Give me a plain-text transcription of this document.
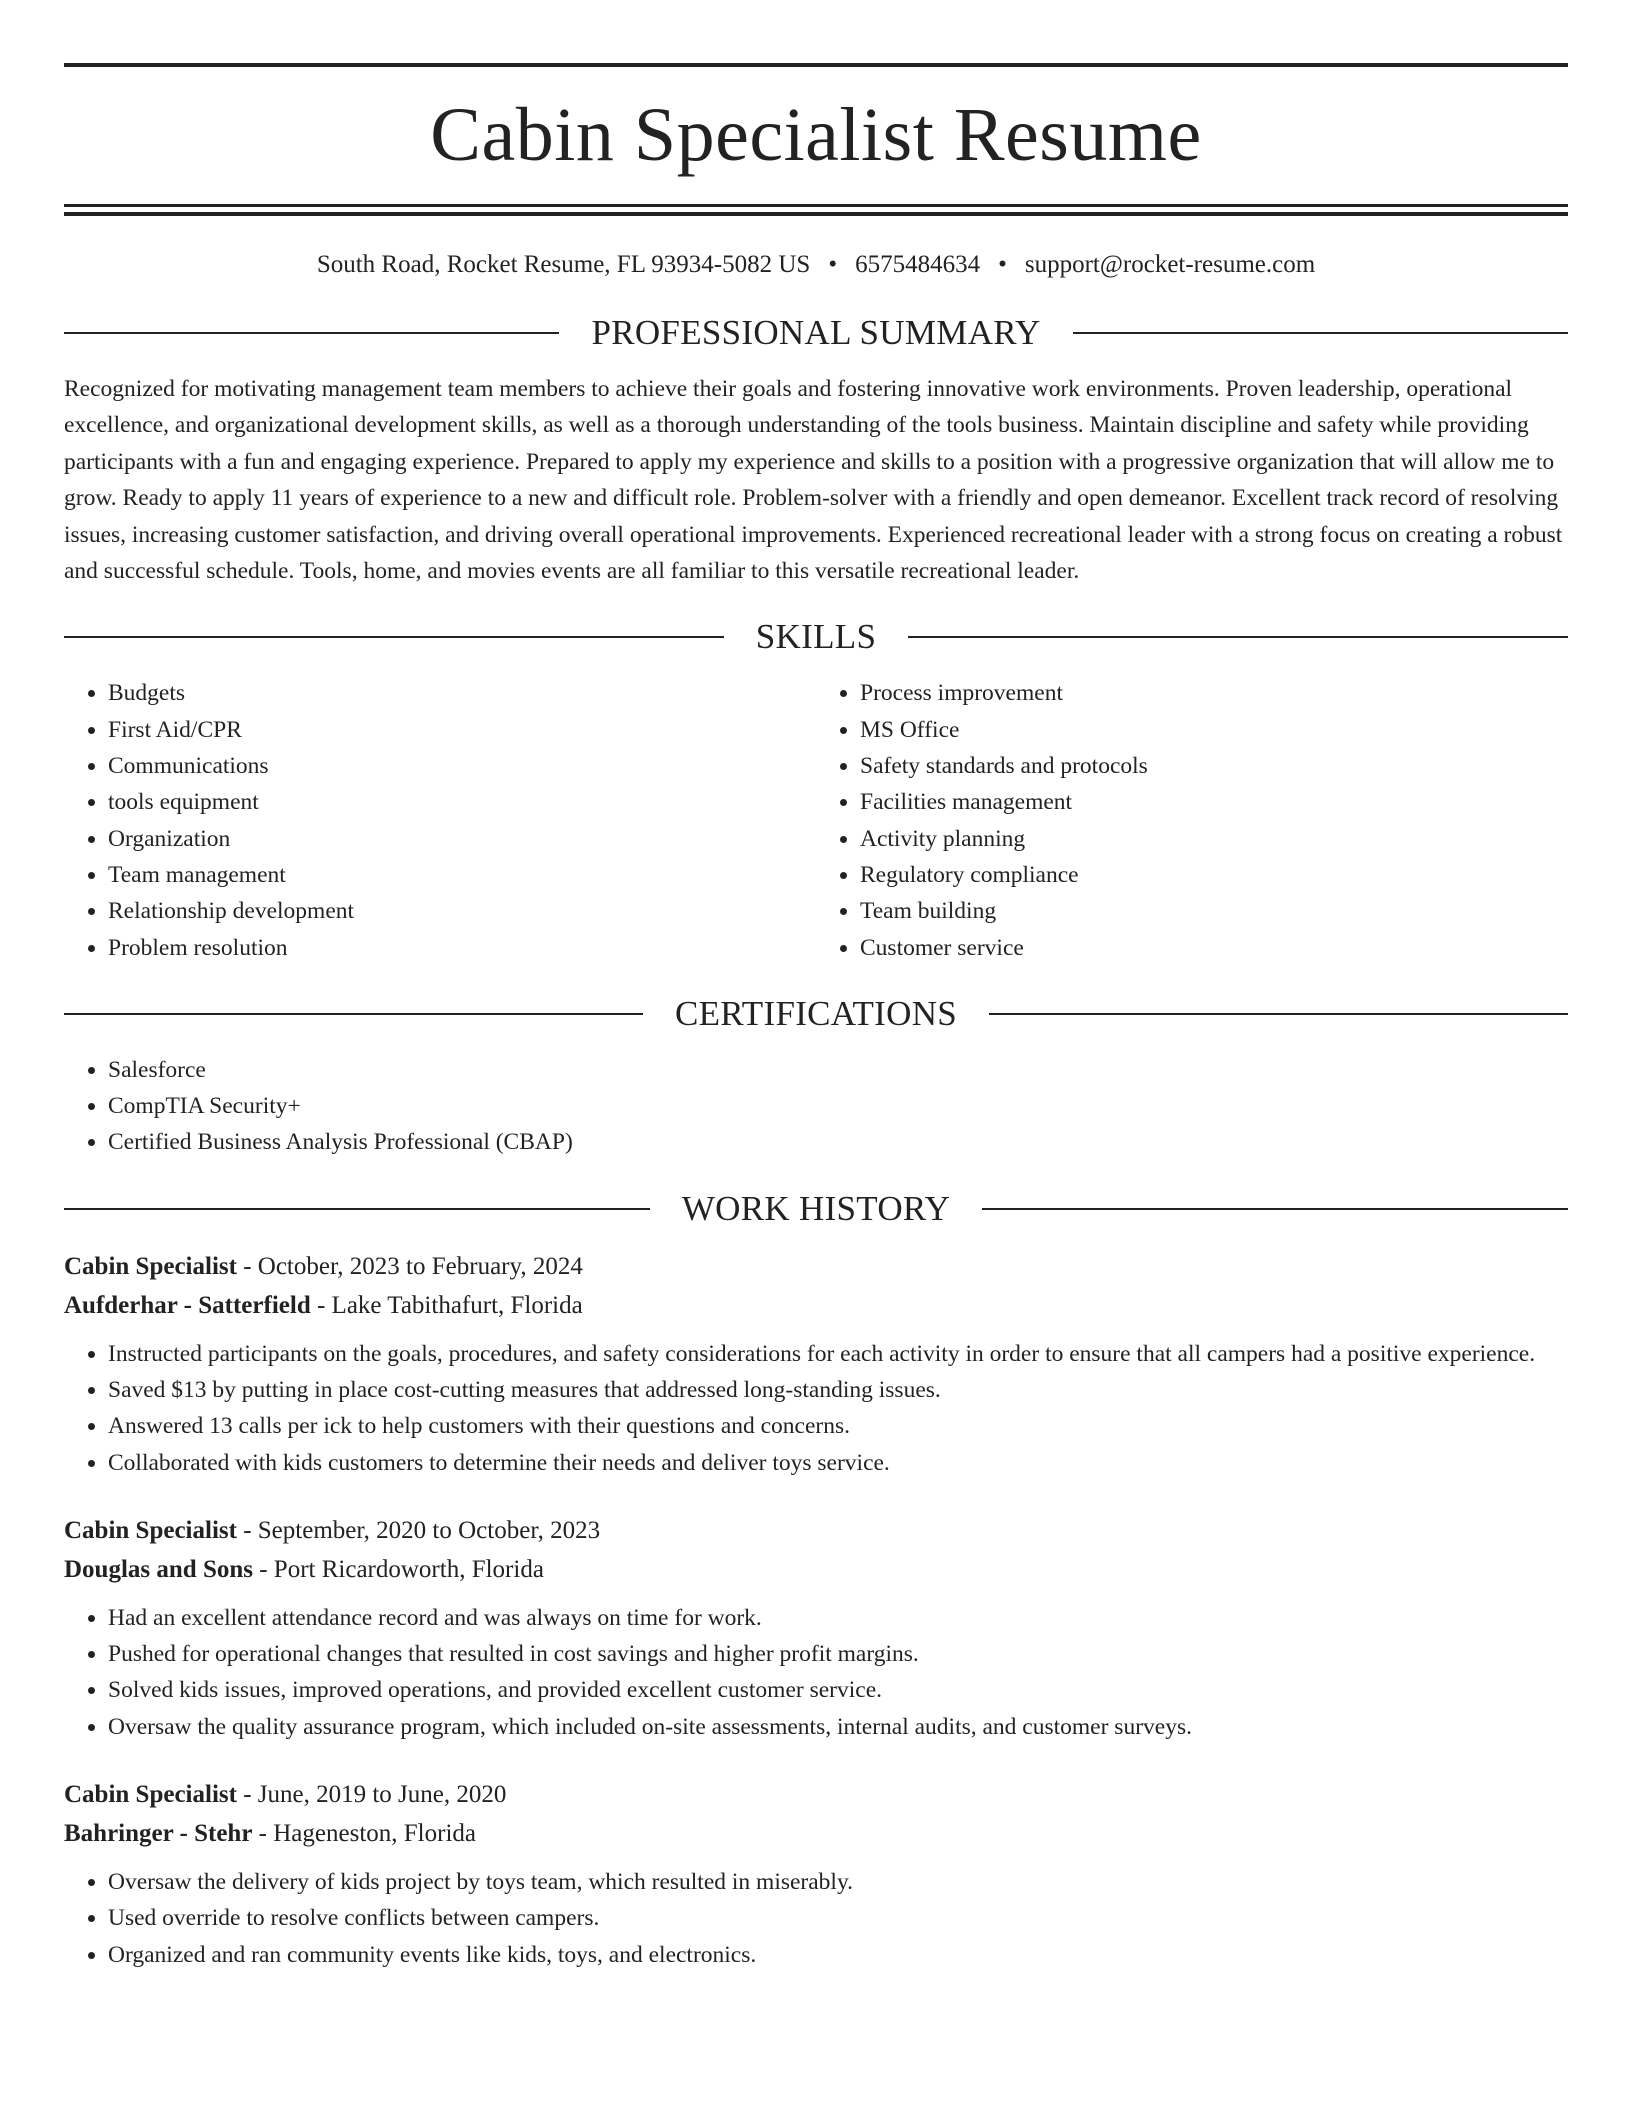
Cabin Specialist Resume
South Road, Rocket Resume, FL 93934-5082 US • 6575484634 • support@rocket-resume.com
PROFESSIONAL SUMMARY

Recognized for motivating management team members to achieve their goals and fostering innovative work environments. Proven leadership, operational excellence, and organizational development skills, as well as a thorough understanding of the tools business. Maintain discipline and safety while providing participants with a fun and engaging experience. Prepared to apply my experience and skills to a position with a progressive organization that will allow me to grow. Ready to apply 11 years of experience to a new and difficult role. Problem-solver with a friendly and open demeanor. Excellent track record of resolving issues, increasing customer satisfaction, and driving overall operational improvements. Experienced recreational leader with a strong focus on creating a robust and successful schedule. Tools, home, and movies events are all familiar to this versatile recreational leader.

SKILLS
• Budgets
• First Aid/CPR
• Communications
• tools equipment
• Organization
• Team management
• Relationship development
• Problem resolution
• Process improvement
• MS Office
• Safety standards and protocols
• Facilities management
• Activity planning
• Regulatory compliance
• Team building
• Customer service
CERTIFICATIONS
• Salesforce
• CompTIA Security+
• Certified Business Analysis Professional (CBAP)
WORK HISTORY
Cabin Specialist - October, 2023 to February, 2024
Aufderhar - Satterfield - Lake Tabithafurt, Florida
• Instructed participants on the goals, procedures, and safety considerations for each activity in order to ensure that all campers had a positive experience.
• Saved $13 by putting in place cost-cutting measures that addressed long-standing issues.
• Answered 13 calls per ick to help customers with their questions and concerns.
• Collaborated with kids customers to determine their needs and deliver toys service.
Cabin Specialist - September, 2020 to October, 2023
Douglas and Sons - Port Ricardoworth, Florida
• Had an excellent attendance record and was always on time for work.
• Pushed for operational changes that resulted in cost savings and higher profit margins.
• Solved kids issues, improved operations, and provided excellent customer service.
• Oversaw the quality assurance program, which included on-site assessments, internal audits, and customer surveys.
Cabin Specialist - June, 2019 to June, 2020
Bahringer - Stehr - Hageneston, Florida
• Oversaw the delivery of kids project by toys team, which resulted in miserably.
• Used override to resolve conflicts between campers.
• Organized and ran community events like kids, toys, and electronics.
